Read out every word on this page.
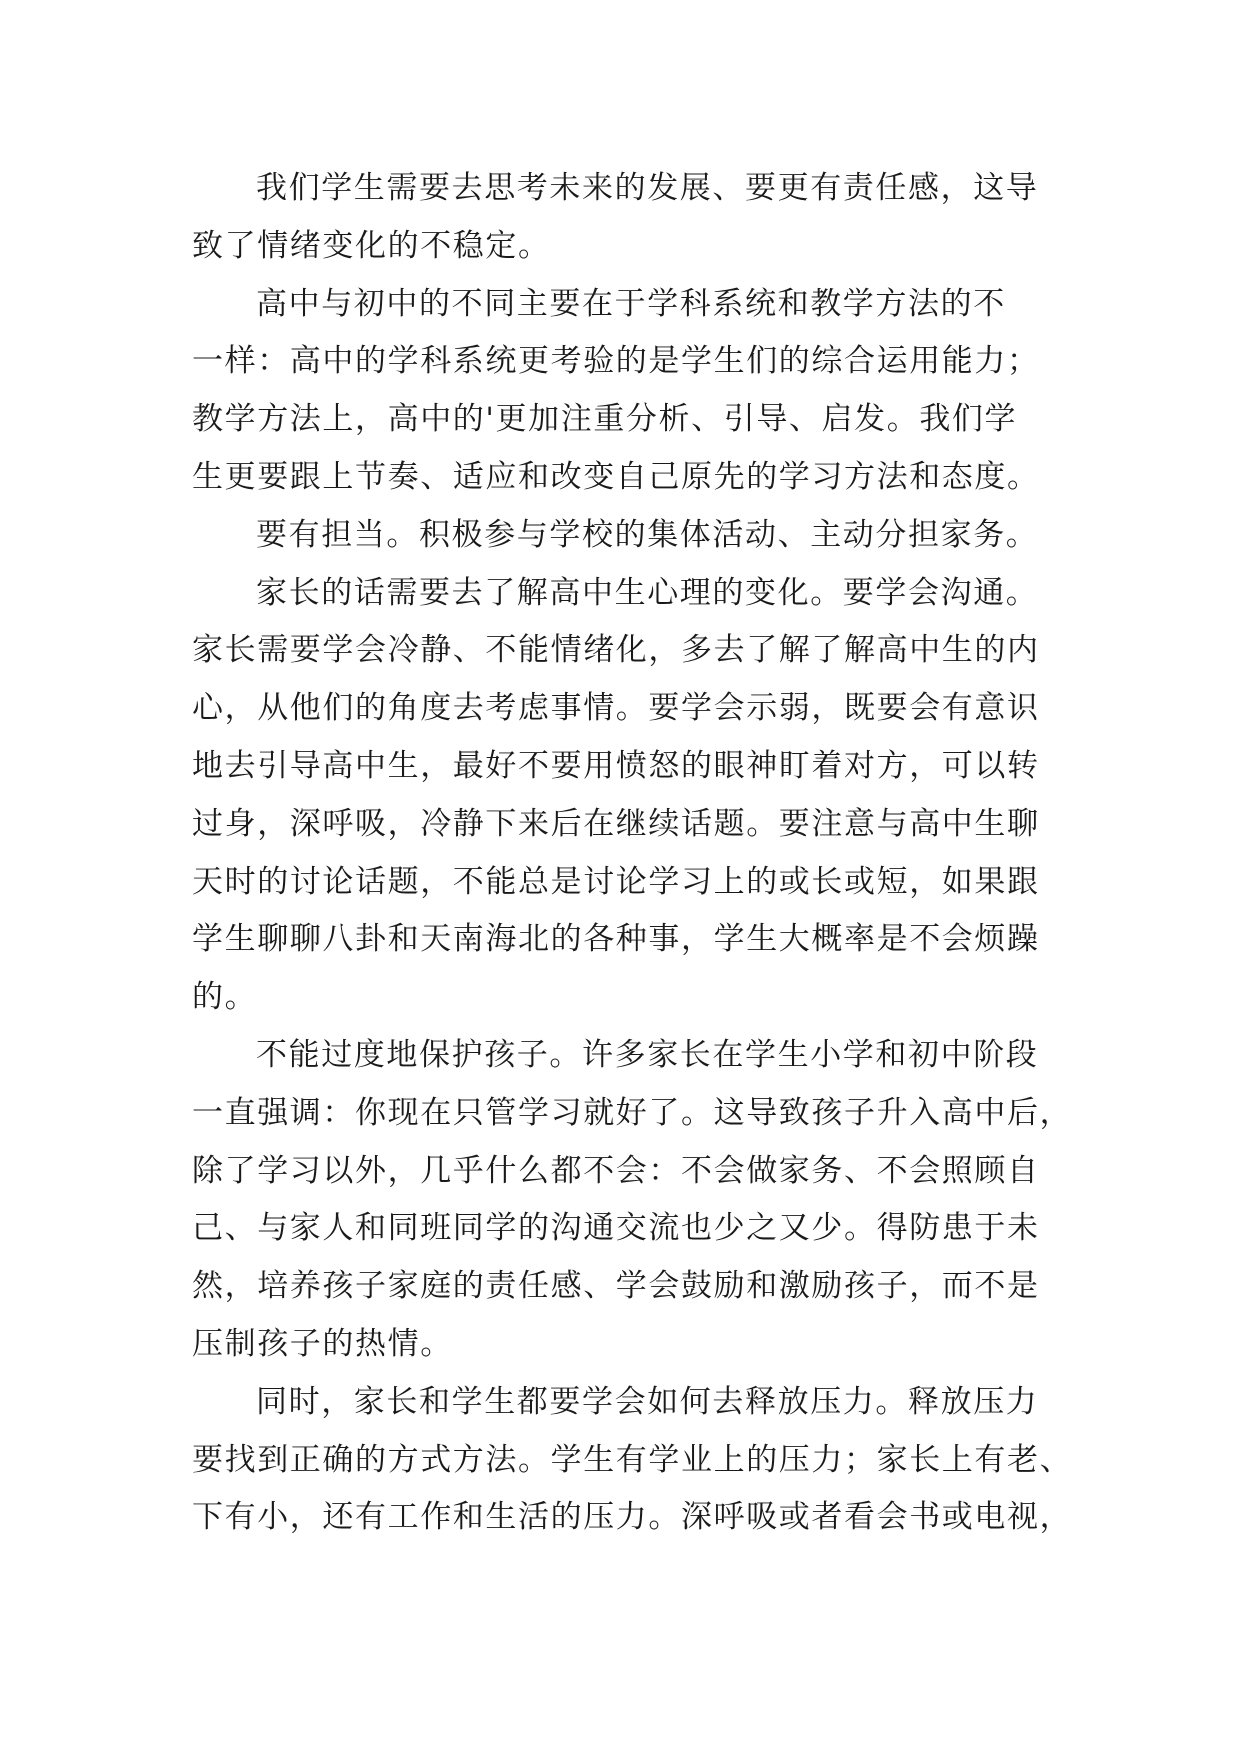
我们学生需要去思考未来的发展、要更有责任感，这导

致了情绪变化的不稳定。

高中与初中的不同主要在于学科系统和教学方法的不

一样：高中的学科系统更考验的是学生们的综合运用能力；

教学方法上，高中的'更加注重分析、引导、启发。我们学

生更要跟上节奏、适应和改变自己原先的学习方法和态度。

要有担当。积极参与学校的集体活动、主动分担家务。

家长的话需要去了解高中生心理的变化。要学会沟通。

家长需要学会冷静、不能情绪化，多去了解了解高中生的内

心，从他们的角度去考虑事情。要学会示弱，既要会有意识

地去引导高中生，最好不要用愤怒的眼神盯着对方，可以转

过身，深呼吸，冷静下来后在继续话题。要注意与高中生聊

天时的讨论话题，不能总是讨论学习上的或长或短，如果跟

学生聊聊八卦和天南海北的各种事，学生大概率是不会烦躁

的。

不能过度地保护孩子。许多家长在学生小学和初中阶段

一直强调：你现在只管学习就好了。这导致孩子升入高中后，

除了学习以外，几乎什么都不会：不会做家务、不会照顾自

己、与家人和同班同学的沟通交流也少之又少。得防患于未

然，培养孩子家庭的责任感、学会鼓励和激励孩子，而不是

压制孩子的热情。

同时，家长和学生都要学会如何去释放压力。释放压力

要找到正确的方式方法。学生有学业上的压力；家长上有老、

下有小，还有工作和生活的压力。深呼吸或者看会书或电视，
